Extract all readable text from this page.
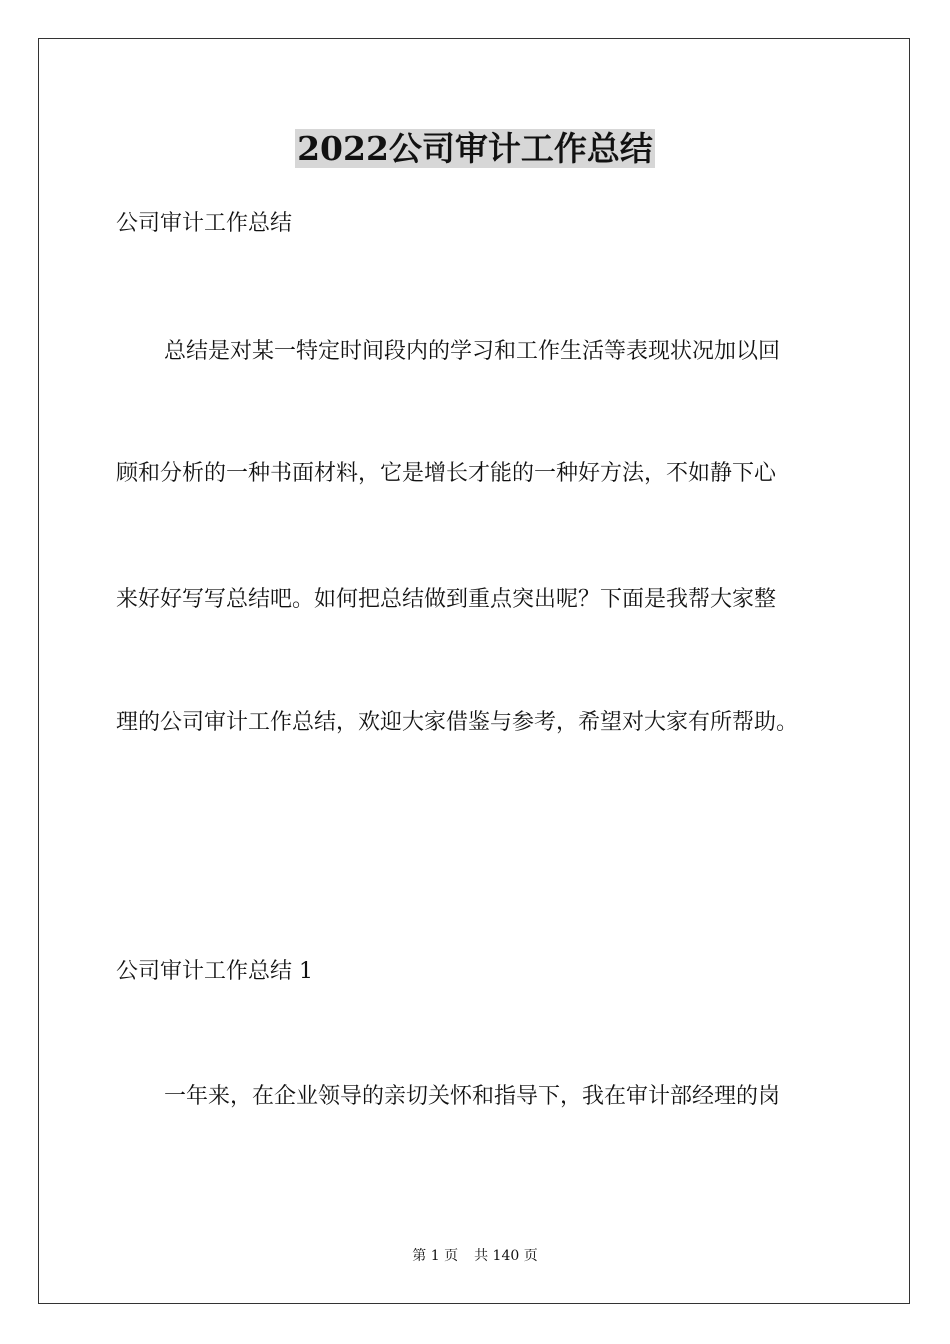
2022公司审计工作总结

公司审计工作总结

总结是对某一特定时间段内的学习和工作生活等表现状况加以回

顾和分析的一种书面材料，它是增长才能的一种好方法，不如静下心

来好好写写总结吧。如何把总结做到重点突出呢？下面是我帮大家整

理的公司审计工作总结，欢迎大家借鉴与参考，希望对大家有所帮助。

公司审计工作总结 1

一年来，在企业领导的亲切关怀和指导下，我在审计部经理的岗

第 1 页 共 140 页
